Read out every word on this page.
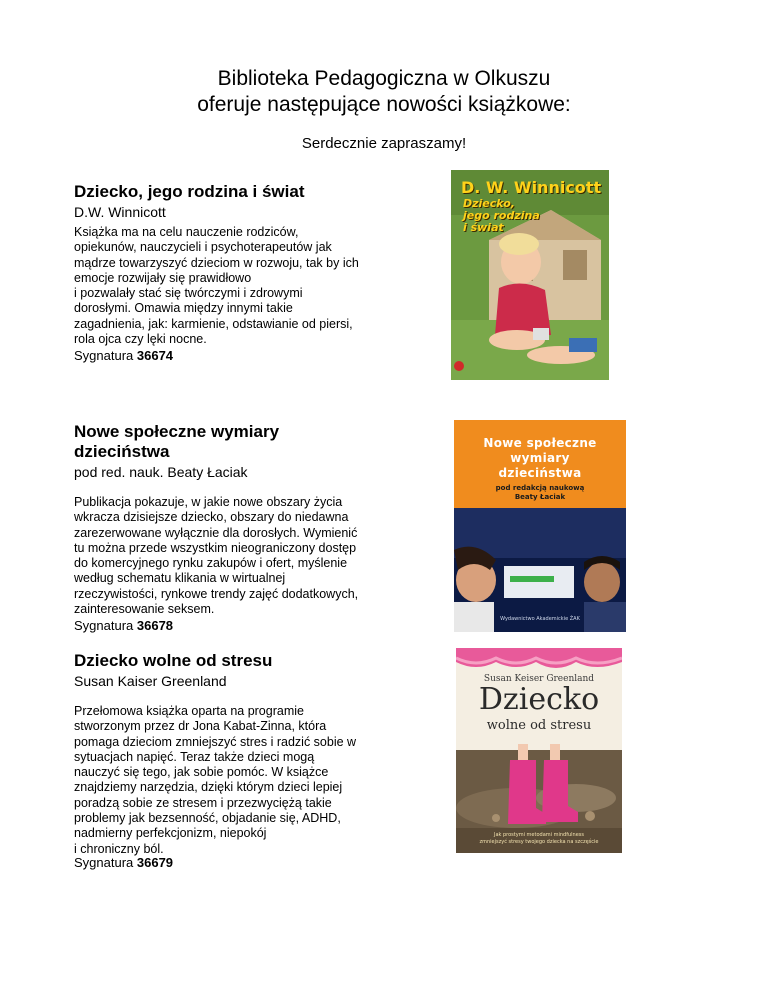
Biblioteka Pedagogiczna w Olkuszu
oferuje następujące nowości książkowe:
Serdecznie zapraszamy!
Dziecko, jego rodzina i świat
D.W. Winnicott
Książka ma na celu nauczenie rodziców,
opiekunów, nauczycieli i psychoterapeutów jak
mądrze towarzyszyć dzieciom w rozwoju, tak by ich
emocje rozwijały się prawidłowo
i pozwalały stać się twórczymi i zdrowymi
dorosłymi. Omawia między innymi takie
zagadnienia, jak: karmienie, odstawianie od piersi,
rola ojca czy lęki nocne.
Sygnatura 36674
D. W. Winnicott
Dziecko,
jego rodzina
i świat
Nowe społeczne wymiary
dzieciństwa
pod red. nauk. Beaty Łaciak
Publikacja pokazuje, w jakie nowe obszary życia
wkracza dzisiejsze dziecko, obszary do niedawna
zarezerwowane wyłącznie dla dorosłych. Wymienić
tu można przede wszystkim nieograniczony dostęp
do komercyjnego rynku zakupów i ofert, myślenie
według schematu klikania w wirtualnej
rzeczywistości, rynkowe trendy zajęć dodatkowych,
zainteresowanie seksem.
Sygnatura 36678
Nowe społeczne
wymiary
dzieciństwa
pod redakcją naukową
Beaty Łaciak
Wydawnictwo Akademickie ŻAK
Dziecko wolne od stresu
Susan Kaiser Greenland
Przełomowa książka oparta na programie
stworzonym przez dr Jona Kabat-Zinna, która
pomaga dzieciom zmniejszyć stres i radzić sobie w
sytuacjach napięć. Teraz także dzieci mogą
nauczyć się tego, jak sobie pomóc. W książce
znajdziemy narzędzia, dzięki którym dzieci lepiej
poradzą sobie ze stresem i przezwyciężą takie
problemy jak bezsenność, objadanie się, ADHD,
nadmierny perfekcjonizm, niepokój
i chroniczny ból.
Sygnatura 36679
Susan Keiser Greenland
Dziecko
wolne od stresu
Jak prostymi metodami mindfulness
zmniejszyć stresy twojego dziecka na szczęście
